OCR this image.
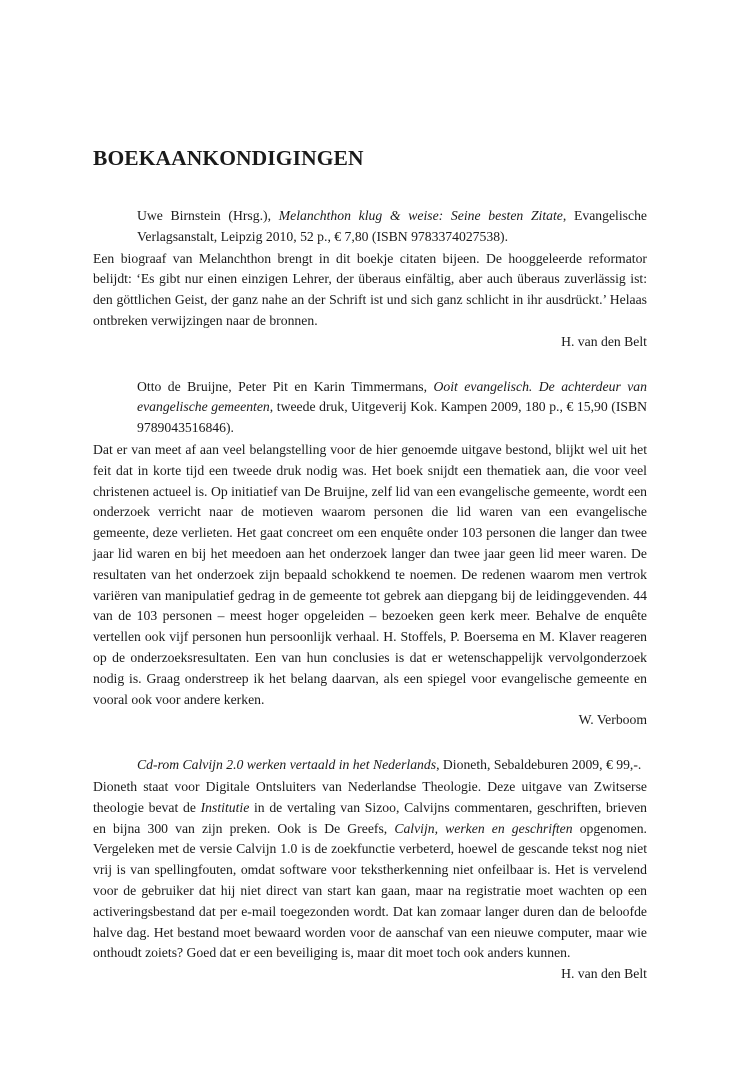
BOEKAANKONDIGINGEN

Uwe Birnstein (Hrsg.), Melanchthon klug & weise: Seine besten Zitate, Evangelische Verlagsanstalt, Leipzig 2010, 52 p., € 7,80 (ISBN 9783374027538).

Een biograaf van Melanchthon brengt in dit boekje citaten bijeen. De hooggeleerde reformator belijdt: ‘Es gibt nur einen einzigen Lehrer, der überaus einfältig, aber auch überaus zuverlässig ist: den göttlichen Geist, der ganz nahe an der Schrift ist und sich ganz schlicht in ihr ausdrückt.’ Helaas ontbreken verwijzingen naar de bronnen.

H. van den Belt

Otto de Bruijne, Peter Pit en Karin Timmermans, Ooit evangelisch. De achterdeur van evangelische gemeenten, tweede druk, Uitgeverij Kok. Kampen 2009, 180 p., € 15,90 (ISBN 9789043516846).

Dat er van meet af aan veel belangstelling voor de hier genoemde uitgave bestond, blijkt wel uit het feit dat in korte tijd een tweede druk nodig was. Het boek snijdt een thematiek aan, die voor veel christenen actueel is. Op initiatief van De Bruijne, zelf lid van een evangelische gemeente, wordt een onderzoek verricht naar de motieven waarom personen die lid waren van een evangelische gemeente, deze verlieten. Het gaat concreet om een enquête onder 103 personen die langer dan twee jaar lid waren en bij het meedoen aan het onderzoek langer dan twee jaar geen lid meer waren. De resultaten van het onderzoek zijn bepaald schokkend te noemen. De redenen waarom men vertrok variëren van manipulatief gedrag in de gemeente tot gebrek aan diepgang bij de leidinggevenden. 44 van de 103 personen – meest hoger opgeleiden – bezoeken geen kerk meer. Behalve de enquête vertellen ook vijf personen hun persoonlijk verhaal. H. Stoffels, P. Boersema en M. Klaver reageren op de onderzoeksresultaten. Een van hun conclusies is dat er wetenschappelijk vervolgonderzoek nodig is. Graag onderstreep ik het belang daarvan, als een spiegel voor evangelische gemeente en vooral ook voor andere kerken.

W. Verboom

Cd-rom Calvijn 2.0 werken vertaald in het Nederlands, Dioneth, Sebaldeburen 2009, € 99,-.

Dioneth staat voor Digitale Ontsluiters van Nederlandse Theologie. Deze uitgave van Zwitserse theologie bevat de Institutie in de vertaling van Sizoo, Calvijns commentaren, geschriften, brieven en bijna 300 van zijn preken. Ook is De Greefs, Calvijn, werken en geschriften opgenomen. Vergeleken met de versie Calvijn 1.0 is de zoekfunctie verbeterd, hoewel de gescande tekst nog niet vrij is van spellingfouten, omdat software voor tekstherkenning niet onfeilbaar is. Het is vervelend voor de gebruiker dat hij niet direct van start kan gaan, maar na registratie moet wachten op een activeringsbestand dat per e-mail toegezonden wordt. Dat kan zomaar langer duren dan de beloofde halve dag. Het bestand moet bewaard worden voor de aanschaf van een nieuwe computer, maar wie onthoudt zoiets? Goed dat er een beveiliging is, maar dit moet toch ook anders kunnen.

H. van den Belt
